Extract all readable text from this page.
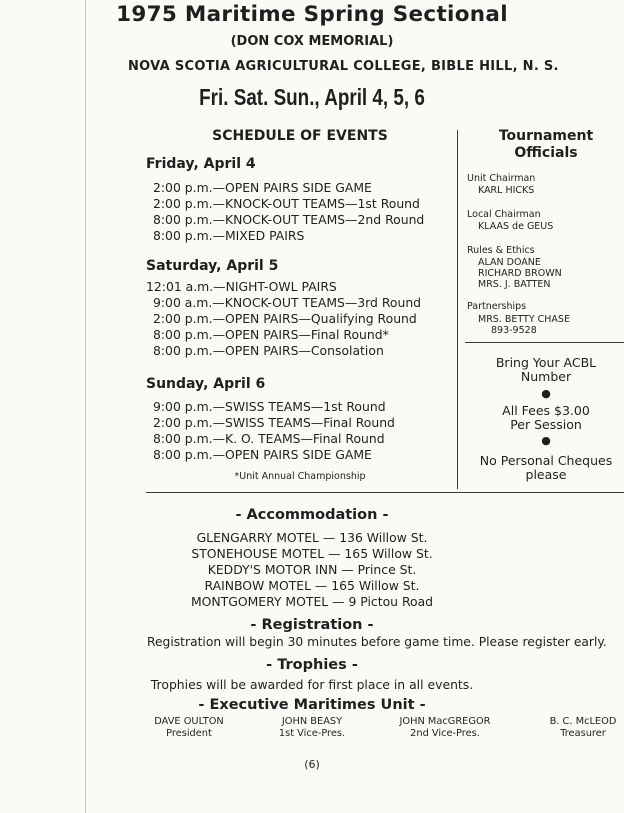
1975 Maritime Spring Sectional
(DON COX MEMORIAL)
NOVA SCOTIA AGRICULTURAL COLLEGE, BIBLE HILL, N. S.
Fri. Sat. Sun., April 4, 5, 6
SCHEDULE OF EVENTS
Friday, April 4
2:00 p.m.—OPEN PAIRS SIDE GAME
2:00 p.m.—KNOCK-OUT TEAMS—1st Round
8:00 p.m.—KNOCK-OUT TEAMS—2nd Round
8:00 p.m.—MIXED PAIRS
Saturday, April 5
12:01 a.m.—NIGHT-OWL PAIRS
9:00 a.m.—KNOCK-OUT TEAMS—3rd Round
2:00 p.m.—OPEN PAIRS—Qualifying Round
8:00 p.m.—OPEN PAIRS—Final Round*
8:00 p.m.—OPEN PAIRS—Consolation
Sunday, April 6
9:00 p.m.—SWISS TEAMS—1st Round
2:00 p.m.—SWISS TEAMS—Final Round
8:00 p.m.—K. O. TEAMS—Final Round
8:00 p.m.—OPEN PAIRS SIDE GAME
*Unit Annual Championship
Tournament
Officials
Unit Chairman
KARL HICKS
Local Chairman
KLAAS de GEUS
Rules & Ethics
ALAN DOANE
RICHARD BROWN
MRS. J. BATTEN
Partnerships
MRS. BETTY CHASE
893-9528
Bring Your ACBL
Number
●
All Fees $3.00
Per Session
●
No Personal Cheques
please
- Accommodation -
GLENGARRY MOTEL — 136 Willow St.
STONEHOUSE MOTEL — 165 Willow St.
KEDDY'S MOTOR INN — Prince St.
RAINBOW MOTEL — 165 Willow St.
MONTGOMERY MOTEL — 9 Pictou Road
- Registration -
Registration will begin 30 minutes before game time. Please register early.
- Trophies -
Trophies will be awarded for first place in all events.
- Executive Maritimes Unit -
DAVE OULTON
President
JOHN BEASY
1st Vice-Pres.
JOHN MacGREGOR
2nd Vice-Pres.
B. C. McLEOD
Treasurer
(6)
